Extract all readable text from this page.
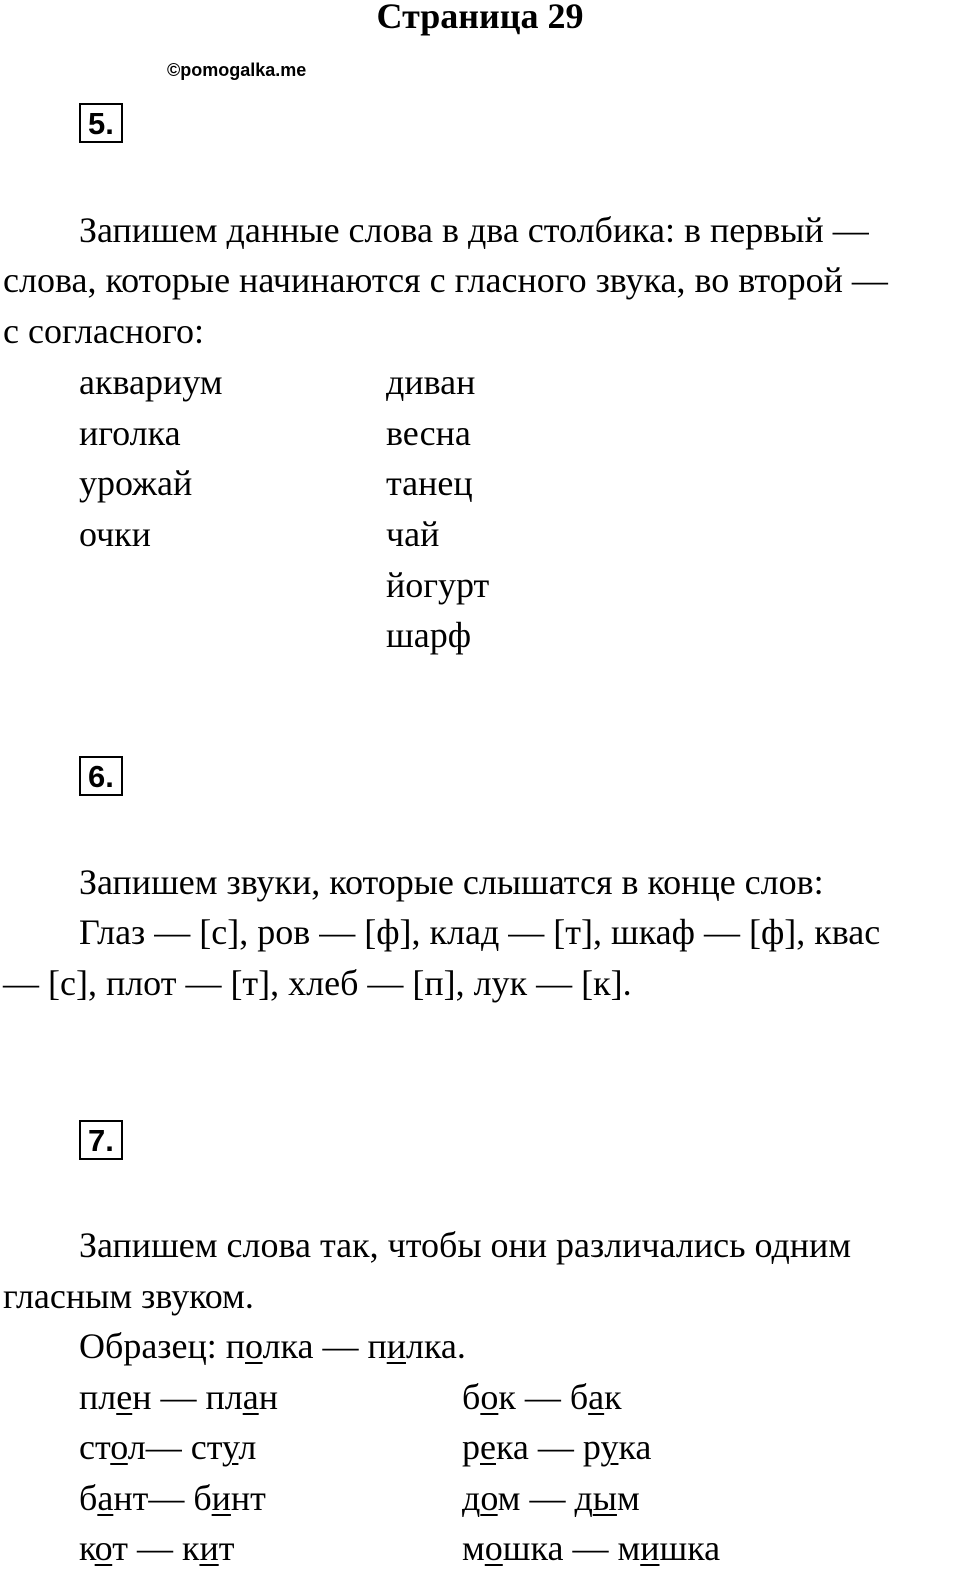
Страница 29
©pomogalka.me
5.
Запишем данные слова в два столбика: в первый —
слова, которые начинаются с гласного звука, во второй —
с согласного:
аквариум
иголка
урожай
очки
диван
весна
танец
чай
йогурт
шарф
6.
Запишем звуки, которые слышатся в конце слов:
Глаз — [с], ров — [ф], клад — [т], шкаф — [ф], квас
— [с], плот — [т], хлеб — [п], лук — [к].
7.
Запишем слова так, чтобы они различались одним
гласным звуком.
Образец: полка — пилка.
плен — план
стол— стул
бант— бинт
кот — кит
бок — бак
река — рука
дом — дым
мошка — мишка
